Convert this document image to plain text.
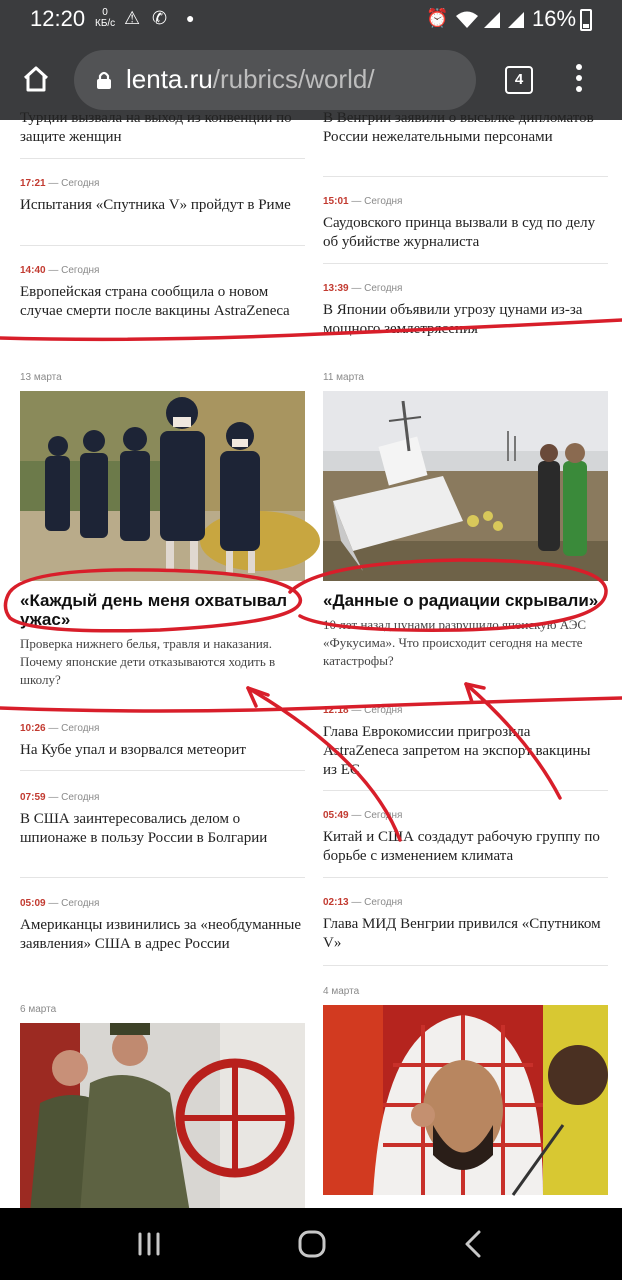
12:20	0
КБ/с ⚠ ✆ ●	⏰	16%
lenta.ru/rubrics/world/	4
Турции вызвала на выход из конвенции по защите женщин
17:21 — Сегодня
Испытания «Спутника V» пройдут в Риме
14:40 — Сегодня
Европейская страна сообщила о новом случае смерти после вакцины AstraZeneca
13 марта
«Каждый день меня охватывал ужас»
Проверка нижнего белья, травля и наказания. Почему японские дети отказываются ходить в школу?
10:26 — Сегодня
На Кубе упал и взорвался метеорит
07:59 — Сегодня
В США заинтересовались делом о шпионаже в пользу России в Болгарии
05:09 — Сегодня
Американцы извинились за «необдуманные заявления» США в адрес России
6 марта
В Венгрии заявили о высылке дипломатов России нежелательными персонами
15:01 — Сегодня
Саудовского принца вызвали в суд по делу об убийстве журналиста
13:39 — Сегодня
В Японии объявили угрозу цунами из-за мощного землетрясения
11 марта
«Данные о радиации скрывали»
10 лет назад цунами разрушило японскую АЭС «Фукусима». Что происходит сегодня на месте катастрофы?
12:18 — Сегодня
Глава Еврокомиссии пригрозила AstraZeneca запретом на экспорт вакцины из ЕС
05:49 — Сегодня
Китай и США создадут рабочую группу по борьбе с изменением климата
02:13 — Сегодня
Глава МИД Венгрии привился «Спутником V»
4 марта
